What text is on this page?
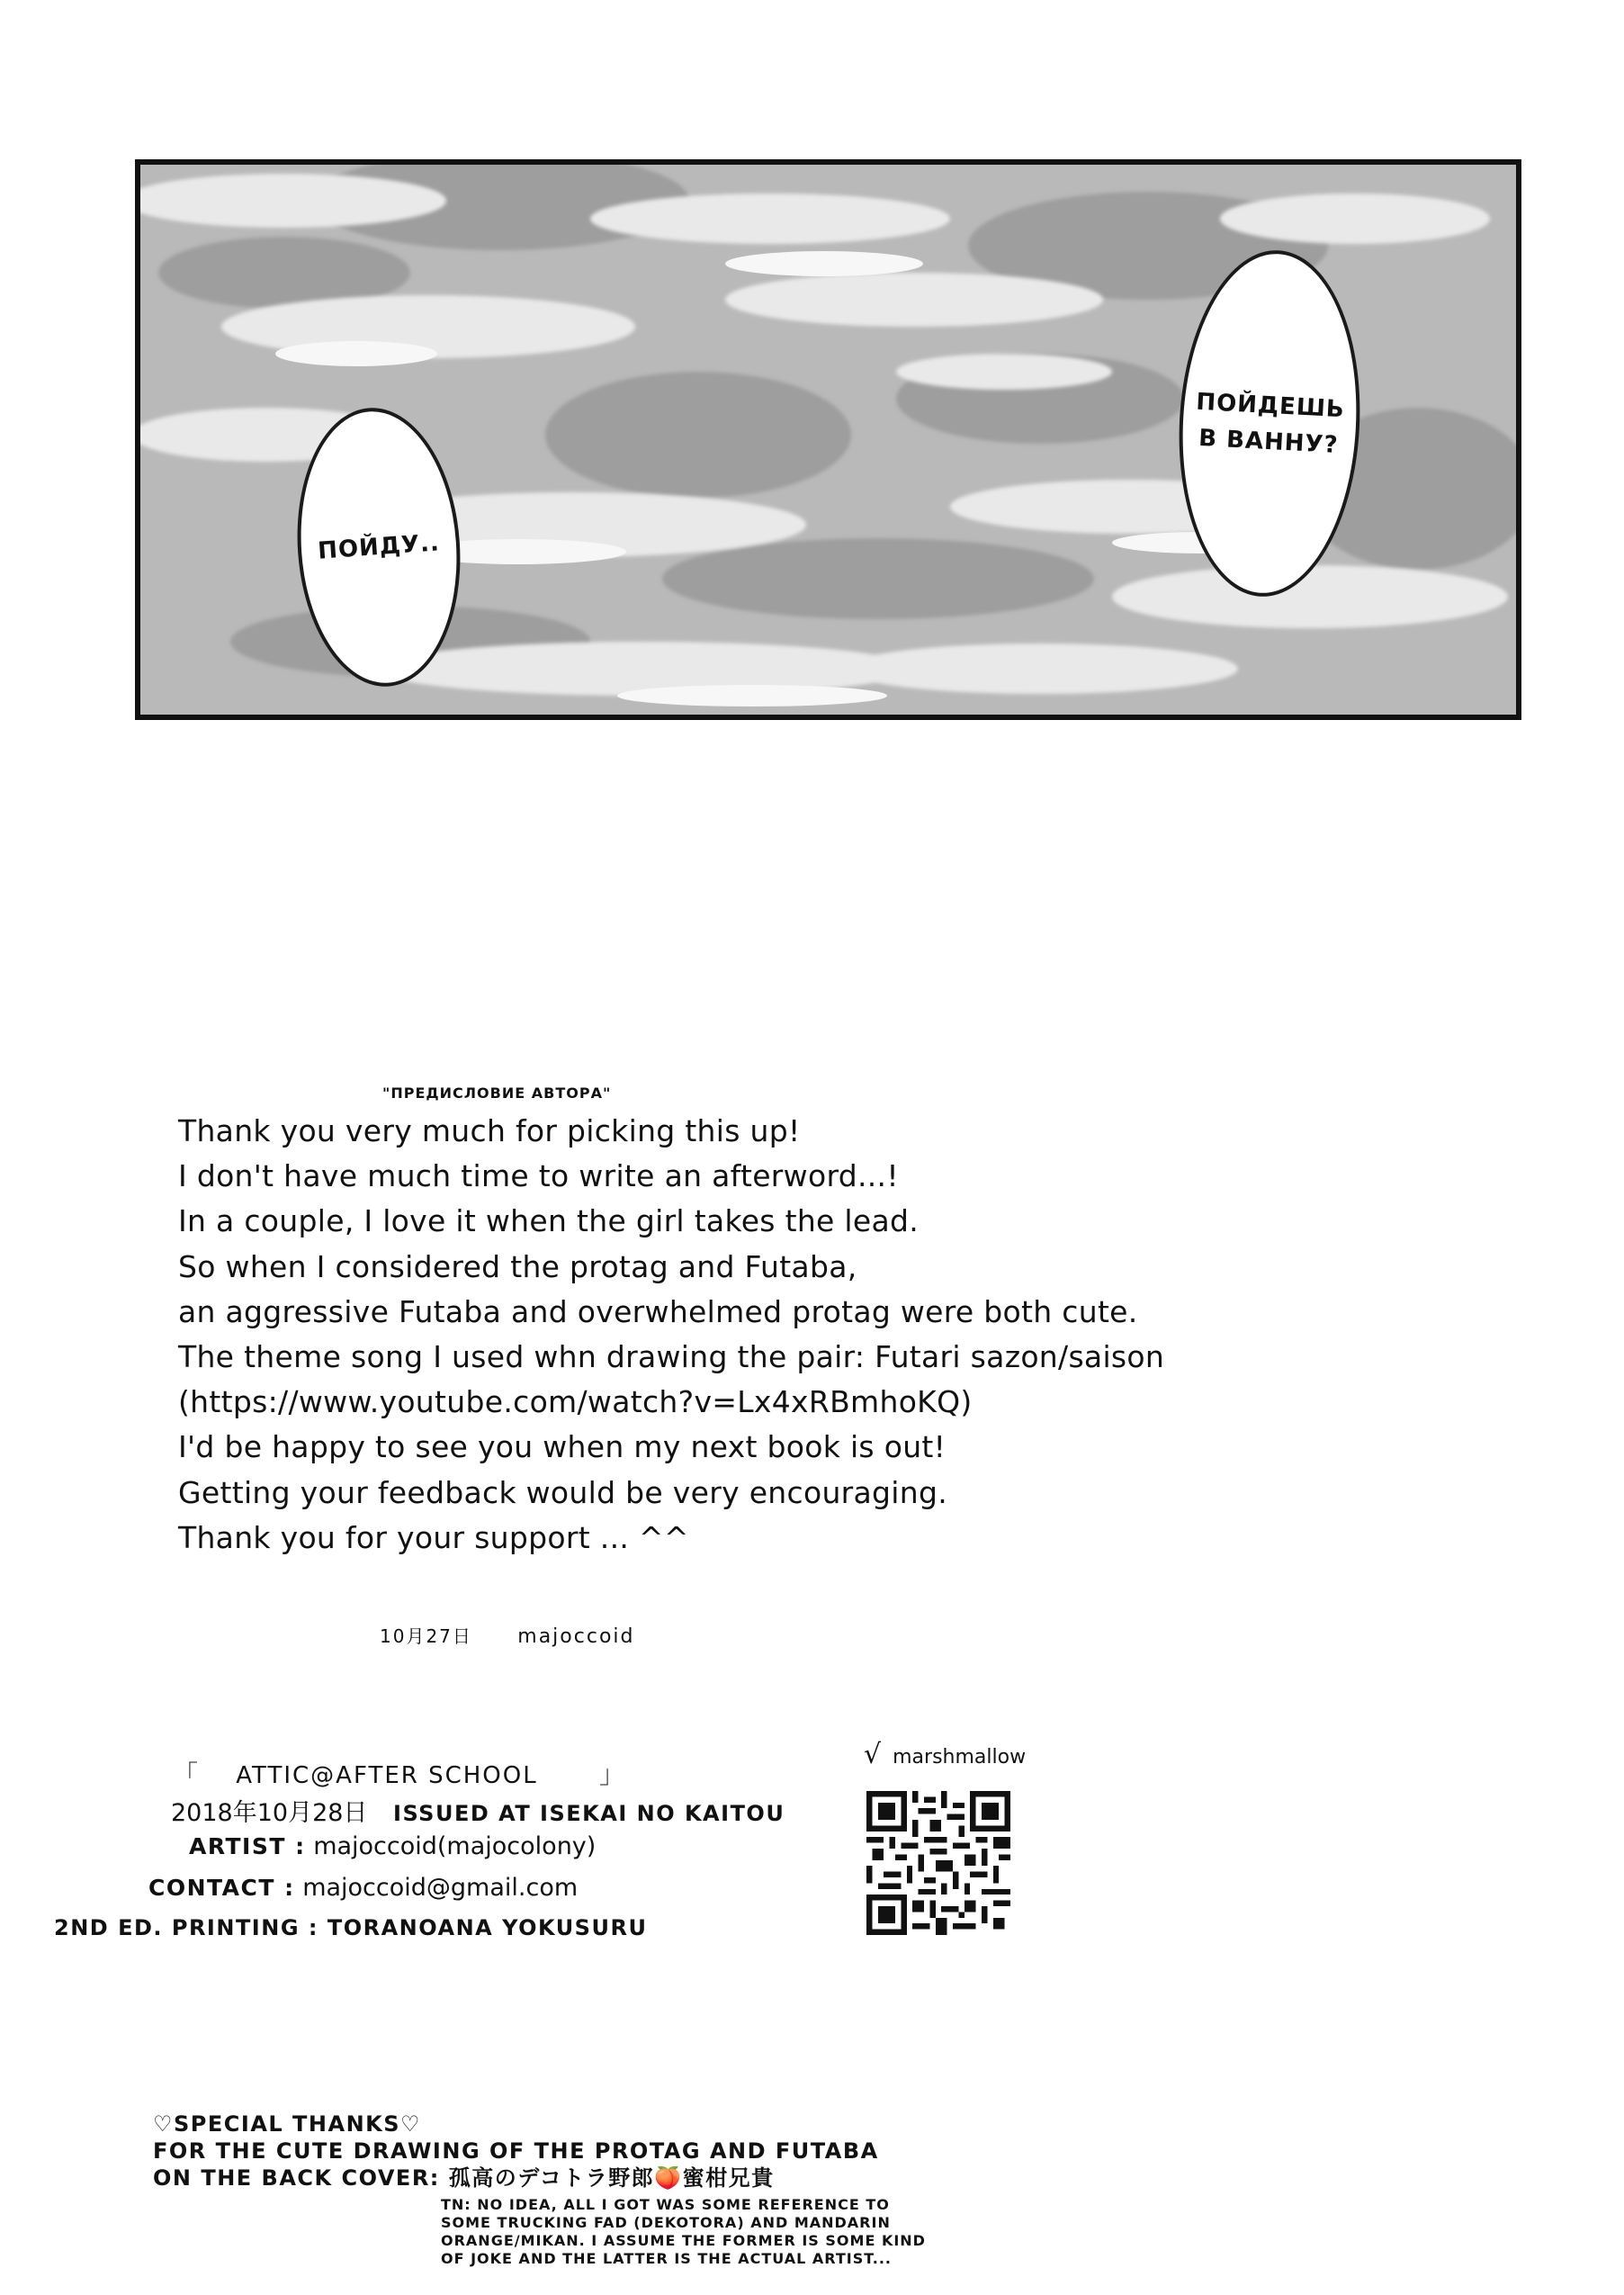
ПОЙДУ..
ПОЙДЕШЬ
В ВАННУ?
"ПРЕДИСЛОВИЕ АВТОРА"
Thank you very much for picking this up!
I don't have much time to write an afterword...!
In a couple, I love it when the girl takes the lead.
So when I considered the protag and Futaba,
an aggressive Futaba and overwhelmed protag were both cute.
The theme song I used whn drawing the pair: Futari sazon/saison
(https://www.youtube.com/watch?v=Lx4xRBmhoKQ)
I'd be happy to see you when my next book is out!
Getting your feedback would be very encouraging.
Thank you for your support ... ^^
10月27日 majoccoid
「 ATTIC@AFTER SCHOOL 」
2018年10月28日 ISSUED AT ISEKAI NO KAITOU
ARTIST : majoccoid(majocolony)
CONTACT : majoccoid@gmail.com
2ND ED. PRINTING : TORANOANA YOKUSURU
√ marshmallow
♡SPECIAL THANKS♡
FOR THE CUTE DRAWING OF THE PROTAG AND FUTABA
ON THE BACK COVER: 孤高のデコトラ野郎🍑蜜柑兄貴
TN: NO IDEA, ALL I GOT WAS SOME REFERENCE TO
SOME TRUCKING FAD (DEKOTORA) AND MANDARIN
ORANGE/MIKAN. I ASSUME THE FORMER IS SOME KIND
OF JOKE AND THE LATTER IS THE ACTUAL ARTIST...
